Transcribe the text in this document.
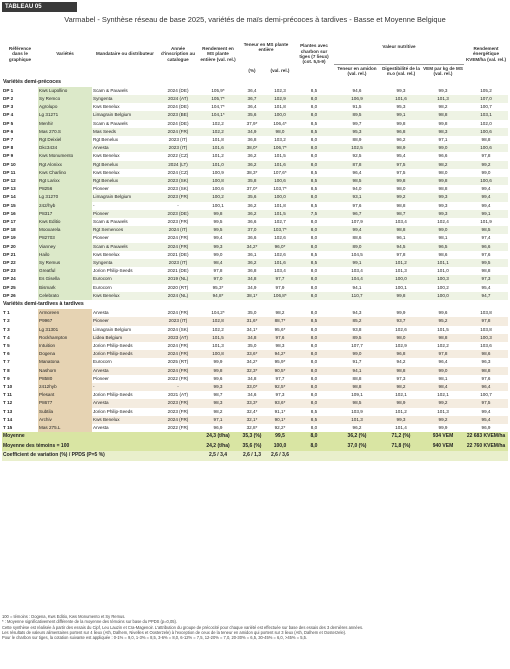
TABLEAU 05
Varmabel - Synthèse réseau de base 2025, variétés de maïs demi-précoces à tardives - Basse et Moyenne Belgique
Référence dans le graphique	Variétés	Mandataire ou distributeur	Année d'inscription au catalogue	Rendement en MS plante entière (val. rel.)	Teneur en MS plante entière		Plantes avec charbon sur tiges (7 lieux) (cot. 5,5-9)	Valeur nutritive			Rendement énergétique KVEM/ha (val. rel.)
					(%)	(val. rel.)		Teneur en amidon (val. rel.)	Digestibilité de la m.o (val. rel.)	VEM par kg de MS (val. rel.)	
Variétés demi-précoces											
DP 1	Kws Lupollino	Scam & Pauwels	2024 (DE)	105,9*	36,4	102,3	8,5	94,6	99,3	99,3	105,2
DP 2	Sy Remco	Syngenta	2024 (AT)	105,7*	36,7	102,9	8,0	106,9	101,6	101,3	107,0
DP 3	Agrolupo	Kws Benelux	2024 (DE)	104,7*	36,4	101,8	8,0	91,5	95,3	98,2	100,7
DP 4	Lg 31271	Limagrain Belgium	2023 (BE)	104,1*	35,6	100,0	8,0	89,5	99,1	98,8	103,1
DP 5	Menhir	Scam & Pauwels	2024 (DE)	102,2	37,9*	106,4*	8,5	99,7	99,8	99,8	102,0
DP 6	Mas 270.S	Mas Seeds	2024 (FR)	102,2	34,9	98,0	8,5	95,3	96,8	98,3	100,6
DP 7	Rgt Deixiel	Rgt Benelux	2023 (IT)	101,8	36,8	103,2	8,0	88,9	96,2	97,1	98,8
DP 8	Dkc3434	Arvesta	2023 (IT)	101,6	38,0*	106,7*	8,0	102,5	98,9	99,0	100,6
DP 9	Kws Monumento	Kws Benelux	2022 (CZ)	101,2	36,2	101,5	8,0	92,5	95,4	96,6	97,8
DP 10	Rgt Alonixx	Rgt Benelux	2024 (LT)	101,0	36,2	101,6	8,0	87,8	97,5	98,2	99,2
DP 11	Kws Charlino	Kws Benelux	2024 (CZ)	100,9	38,3*	107,6*	8,5	96,4	97,5	98,0	99,0
DP 12	Rgt Larixx	Rgt Benelux	2023 (SK)	100,8	35,8	100,6	8,5	98,5	99,8	99,8	100,6
DP 13	P8256	Pioneer	2023 (SK)	100,6	37,0*	103,7*	8,5	94,0	98,0	98,8	99,4
DP 14	Lg 31270	Limagrain Belgium	2023 (FR)	100,2	35,6	100,0	8,0	93,1	99,2	99,3	99,4
DP 15	242/hyb	-	-	100,1	36,2	101,8	8,5	97,6	98,8	99,3	99,4
DP 16	P8317	Pioneer	2023 (DE)	99,8	36,2	101,5	7,5	96,7	98,7	99,3	99,1
DP 17	Kws Editio	Scam & Pauwels	2023 (FR)	99,5	36,6	102,7	8,0	107,9	103,4	102,4	101,9
DP 18	Mooxarela	Rgt Semences	2024 (IT)	99,5	37,0	103,7*	8,0	99,4	98,8	99,0	98,5
DP 19	P82703	Pioneer	2024 (FR)	99,4	36,6	102,6	8,0	88,6	96,1	98,1	97,4
DP 20	Vianney	Scam & Pauwels	2024 (FR)	99,3	34,2*	96,0*	8,0	89,0	94,5	96,5	96,6
DP 21	Hailo	Kws Benelux	2021 (DE)	99,0	36,1	102,6	8,5	104,5	97,8	98,6	97,6
DP 22	Sy Remus	Syngenta	2023 (IT)	98,4	36,2	101,6	8,5	99,1	101,2	101,1	99,5
DP 23	Greatful	Jorion Philip-Seeds	2021 (DE)	97,8	36,8	103,4	8,0	103,4	101,3	101,0	98,8
DP 24	Es Gisella	Eurocorn	2019 (NL)	97,0	34,8	97,7	8,0	104,4	100,0	100,3	97,3
DP 25	Bismark	Eurocorn	2020 (RT)	95,3*	34,9	97,9	8,0	94,1	100,1	100,2	95,4
DP 26	Celebrato	Kws Benelux	2024 (NL)	94,8*	38,1*	106,8*	8,0	110,7	99,8	100,0	94,7
Variétés demi-tardives à tardives											
T 1	Armoreen	Arvesta	2024 (FR)	104,2*	35,0	98,2	8,0	94,3	99,9	99,6	103,8
T 2	P9967	Pioneer	2023 (IT)	102,8	31,6*	88,7*	8,5	85,2	93,7	95,2	97,8
T 3	Lg 31301	Limagrain Belgium	2024 (SK)	102,2	34,1*	95,6*	8,0	93,8	102,6	101,5	103,8
T 4	Rockhampton	Lidea Belgium	2023 (AT)	101,5	34,8	97,6	8,0	89,5	98,0	98,8	100,3
T 5	Intuition	Jorion Philip-Seeds	2024 (FR)	101,3	35,0	98,3	8,0	107,7	102,9	102,2	103,6
T 6	Dogena	Jorion Philip-Seeds	2024 (FR)	100,8	33,6*	94,2*	8,0	99,0	96,8	97,8	98,6
T 7	Manatona	Eurocorn	2025 (RT)	99,9	34,2*	95,9*	8,0	91,7	94,2	96,4	96,3
T 8	Nashorn	Arvesta	2024 (FR)	99,8	32,3*	90,5*	8,0	94,1	98,8	99,0	98,8
T 9	P8580	Pioneer	2022 (FR)	99,6	34,8	97,7	8,0	88,8	97,3	98,1	97,6
T 10	2412hyb	-	-	99,3	33,0*	92,5*	8,0	98,8	98,2	98,4	96,4
T 11	Plesant	Jorion Philip-Seeds	2021 (AT)	98,7	34,6	97,3	8,0	109,1	102,1	102,1	100,7
T 12	P8677	Arvesta	2023 (FR)	98,3	33,3*	93,6*	8,0	98,5	98,9	99,2	97,5
T 13	Subtila	Jorion Philip-Seeds	2023 (FR)	98,2	32,4*	91,1*	8,5	103,9	101,2	101,3	99,4
T 14	Archiv	Kws Benelux	2024 (FR)	97,1	32,1*	90,1*	8,5	101,3	99,3	99,2	95,4
T 15	Mas 275.L	Arvesta	2022 (FR)	96,9	32,8*	92,2*	8,0	96,2	101,4	99,9	96,9
Moyenne				24,3 (t/ha)	35,3 (%)	99,5	8,0	36,2 (%)	71,2 (%)	934 VEM	22 683 KVEM/ha
Moyenne des témoins = 100				24,2 (t/ha)	35,6 (%)	100,0	8,0	37,0 (%)	71,8 (%)	940 VEM	22 760 KVEM/ha
Coefficient de variation (%) / PPDS (P=5 %)				2,5 / 3,4	2,6 / 1,3	2,6 / 3,6					
100 = témoins : Dogena, Kws Editio, Kws Monumento et Sy Remus.
* : Moyenne significativement différente de la moyenne des témoins sur base du PPDS (p=0,05).
Cette synthèse est réalisée à partir des essais du Cipf, Leu Lauzin et Cra-Magenoir. L'attribution du groupe de précocité pour chaque variété est effectuée sur base des essais des 3 dernières années.
Les résultats de valeurs alimentaires portent sur 4 lieux (Ath, Dalhem, Nivelles et Oosterzele) à l'exception de ceux de la teneur en amidon qui portent sur 3 lieux (Ath, Dalhem et Oosterzele).
Pour le charbon sur tiges, la cotation suivante est appliquée : 0-1% = 9,0, 1-3% = 8,5, 3-6% = 8,0, 6-12% = 7,5, 12-20% = 7,0, 20-30% = 6,5, 30-45% = 6,0, >45% = 5,5.
